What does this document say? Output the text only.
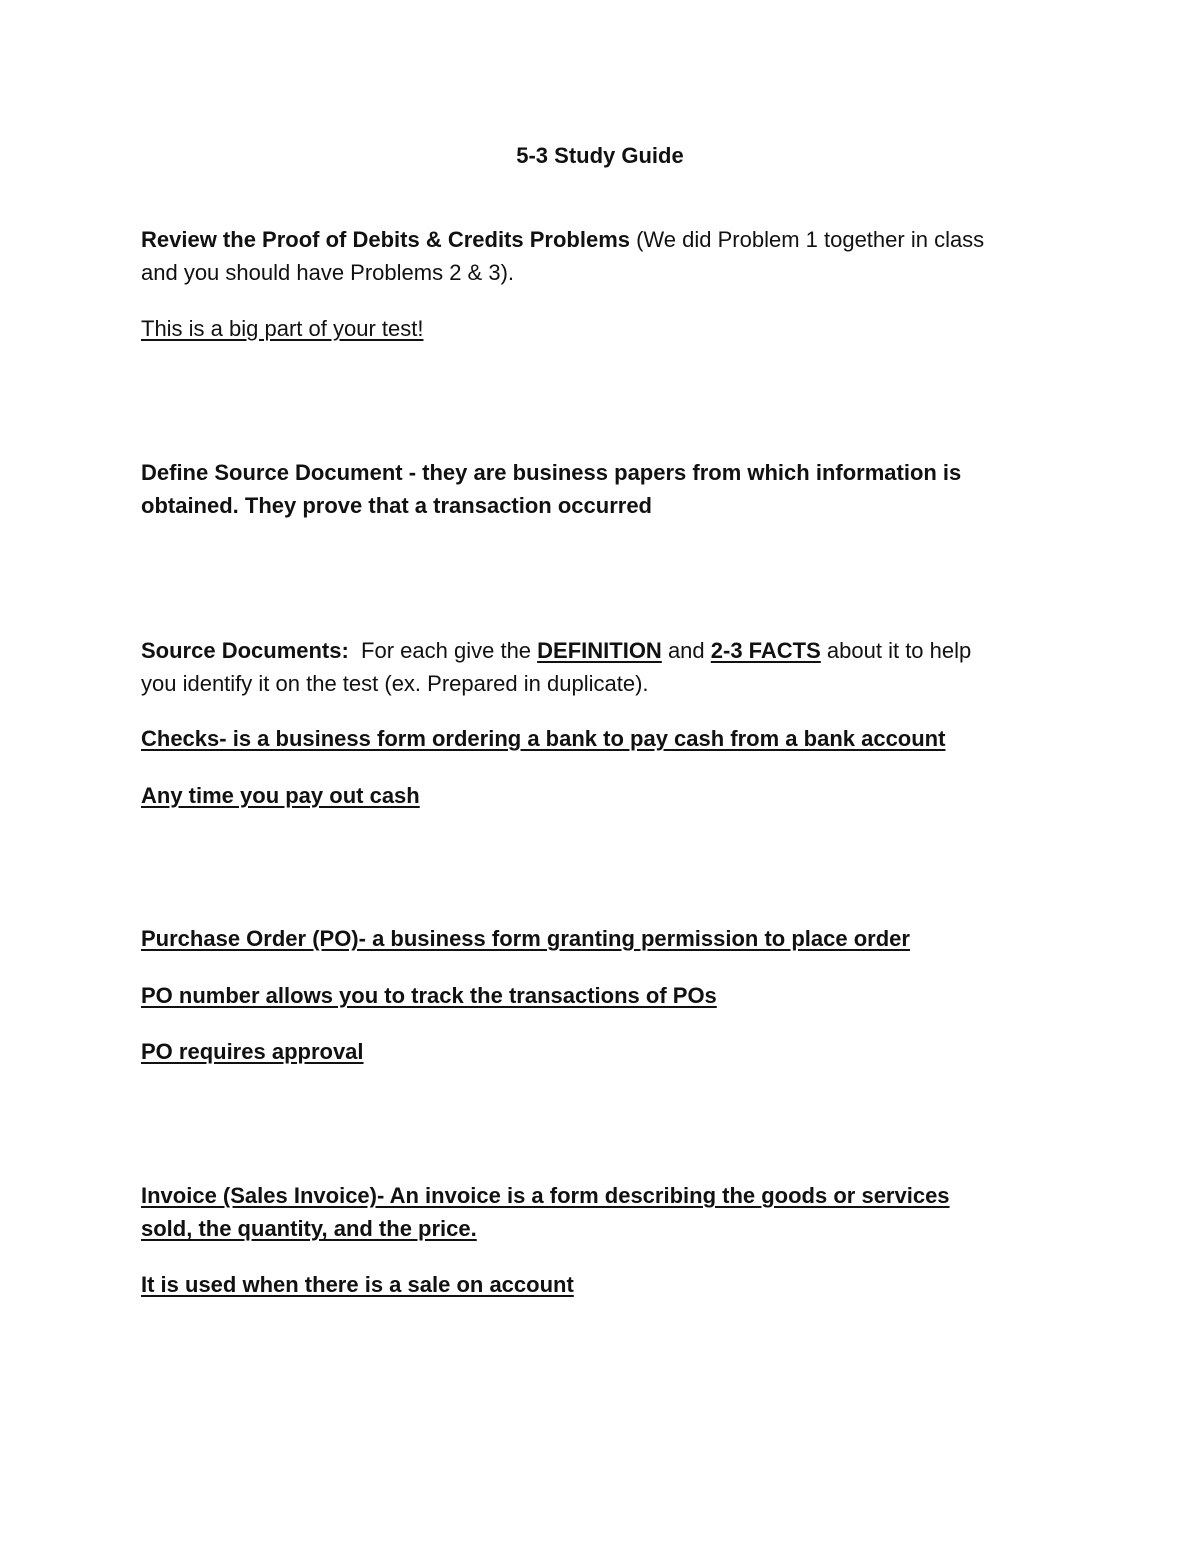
5-3 Study Guide
Review the Proof of Debits & Credits Problems (We did Problem 1 together in class
and you should have Problems 2 & 3).
This is a big part of your test!
Define Source Document - they are business papers from which information is
obtained. They prove that a transaction occurred
Source Documents:  For each give the DEFINITION and 2-3 FACTS about it to help
you identify it on the test (ex. Prepared in duplicate).
Checks- is a business form ordering a bank to pay cash from a bank account
Any time you pay out cash
Purchase Order (PO)- a business form granting permission to place order
PO number allows you to track the transactions of POs
PO requires approval
Invoice (Sales Invoice)- An invoice is a form describing the goods or services
sold, the quantity, and the price.
It is used when there is a sale on account
